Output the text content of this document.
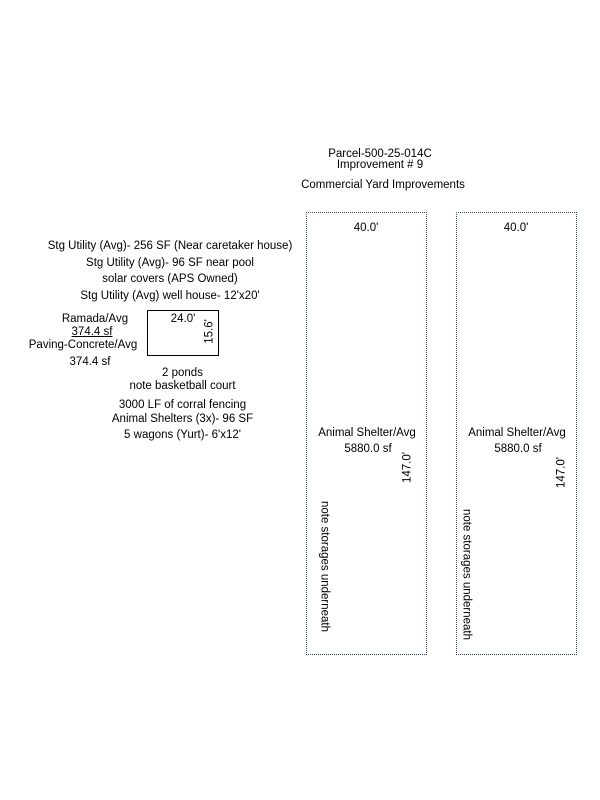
Parcel-500-25-014C
Improvement # 9
Commercial Yard Improvements
Stg Utility (Avg)- 256 SF (Near caretaker house)
Stg Utility (Avg)- 96 SF near pool
solar covers (APS Owned)
Stg Utility (Avg) well house- 12'x20'
Ramada/Avg
374.4 sf
Paving-Concrete/Avg
374.4 sf
24.0'
15.6'
2 ponds
note basketball court
3000 LF of corral fencing
Animal Shelters (3x)- 96 SF
5 wagons (Yurt)- 6'x12'
40.0'
Animal Shelter/Avg
5880.0 sf
147.0'
note storages underneath
40.0'
Animal Shelter/Avg
5880.0 sf
147.0'
note storages underneath
